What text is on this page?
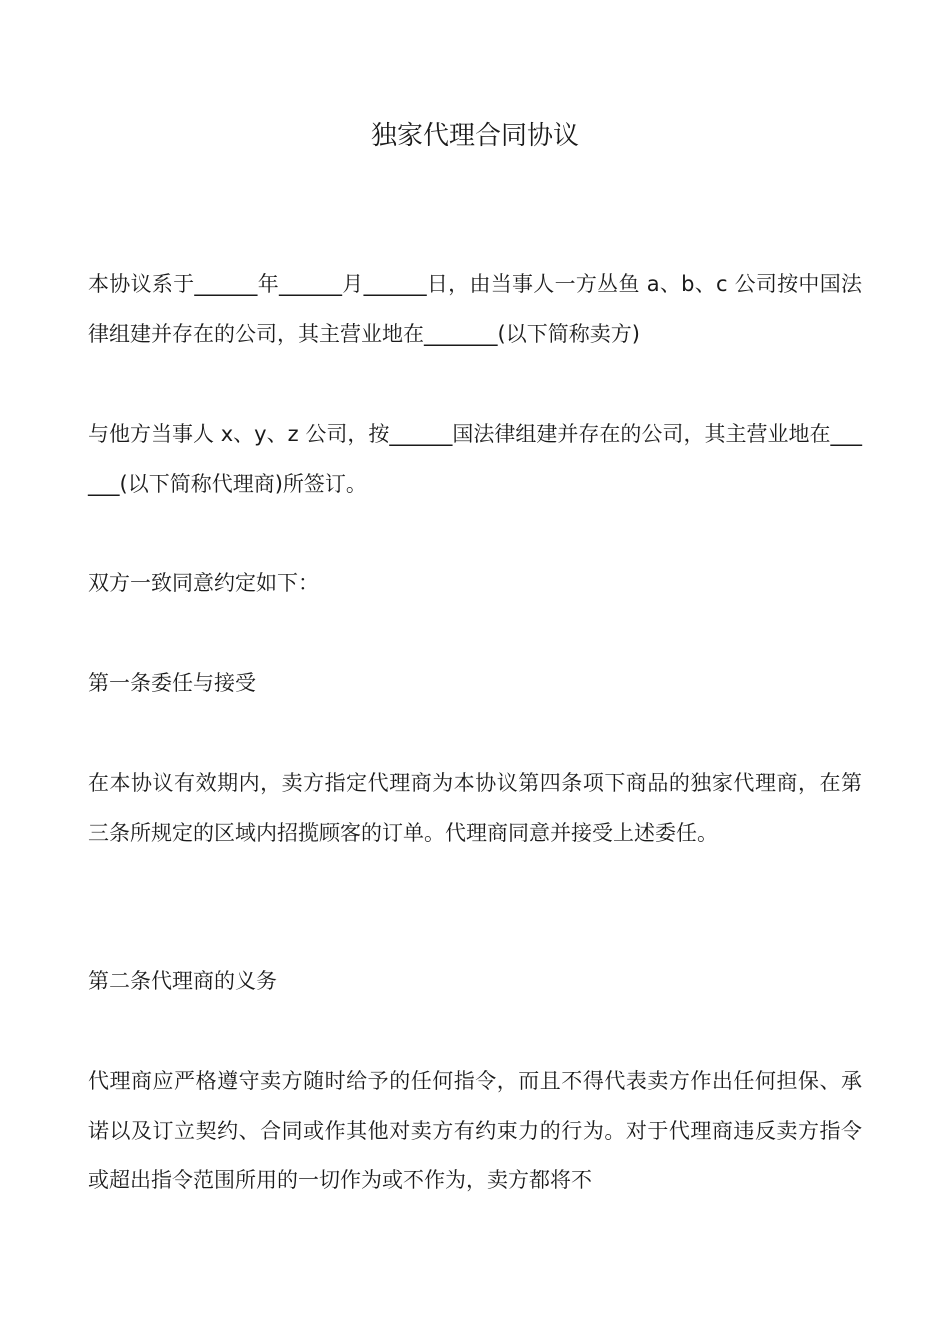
独家代理合同协议

本协议系于______年______月______日，由当事人一方丛鱼 a、b、c 公司按中国法律组建并存在的公司，其主营业地在_______(以下简称卖方)

与他方当事人 x、y、z 公司，按______国法律组建并存在的公司，其主营业地在______(以下简称代理商)所签订。

双方一致同意约定如下：

第一条委任与接受

在本协议有效期内，卖方指定代理商为本协议第四条项下商品的独家代理商，在第三条所规定的区域内招揽顾客的订单。代理商同意并接受上述委任。

第二条代理商的义务

代理商应严格遵守卖方随时给予的任何指令，而且不得代表卖方作出任何担保、承诺以及订立契约、合同或作其他对卖方有约束力的行为。对于代理商违反卖方指令或超出指令范围所用的一切作为或不作为，卖方都将不
